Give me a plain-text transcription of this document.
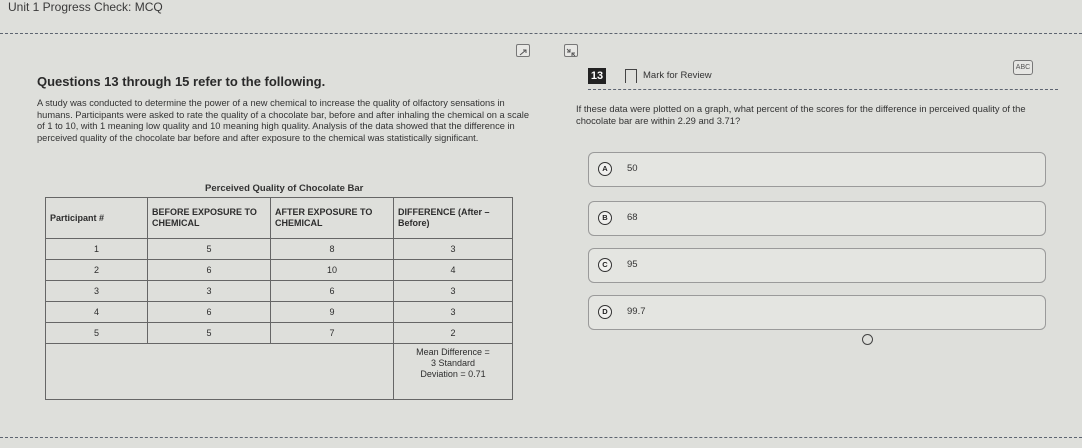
Unit 1 Progress Check: MCQ
Questions 13 through 15 refer to the following.
A study was conducted to determine the power of a new chemical to increase the quality of olfactory sensations in humans. Participants were asked to rate the quality of a chocolate bar, before and after inhaling the chemical on a scale of 1 to 10, with 1 meaning low quality and 10 meaning high quality. Analysis of the data showed that the difference in perceived quality of the chocolate bar before and after exposure to the chemical was statistically significant.
Perceived Quality of Chocolate Bar
Participant #	BEFORE EXPOSURE TO CHEMICAL	AFTER EXPOSURE TO CHEMICAL	DIFFERENCE (After – Before)
1	5	8	3
2	6	10	4
3	3	6	3
4	6	9	3
5	5	7	2

			Mean Difference =
3 Standard
Deviation = 0.71
13	Mark for Review
ABC
If these data were plotted on a graph, what percent of the scores for the difference in perceived quality of the chocolate bar are within 2.29 and 3.71?
A	50
B	68
C	95
D	99.7
